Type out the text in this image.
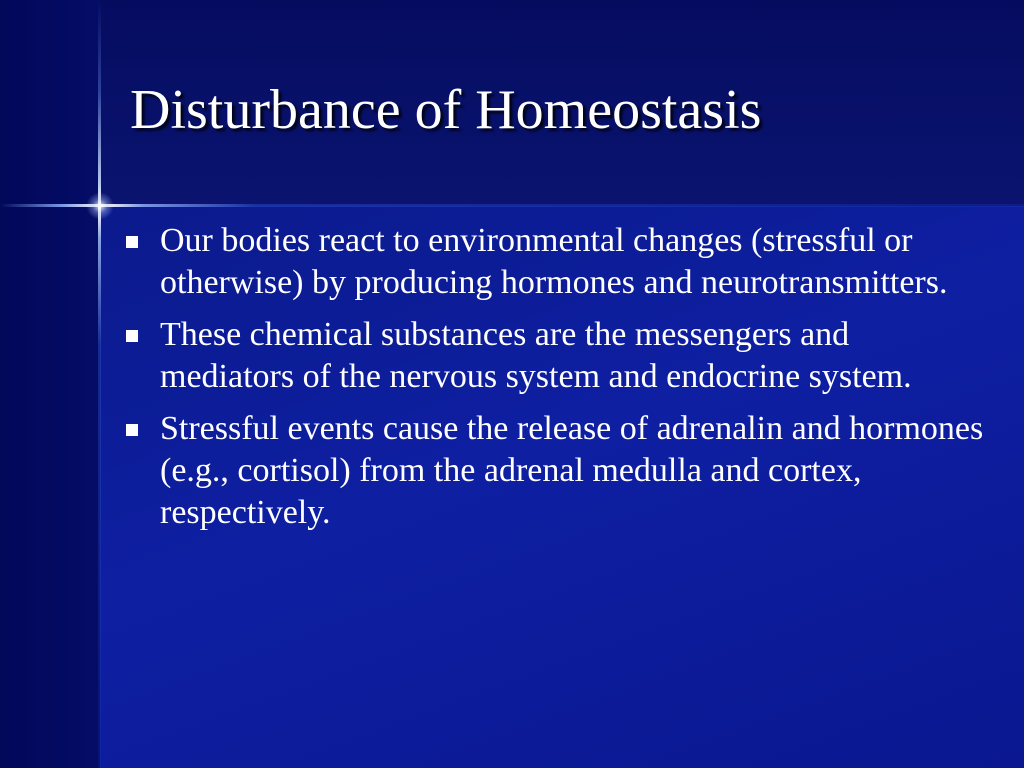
Disturbance of Homeostasis
Our bodies react to environmental changes (stressful or otherwise) by producing hormones and neurotransmitters.
These chemical substances are the messengers and mediators of the nervous system and endocrine system.
Stressful events cause the release of adrenalin and hormones (e.g., cortisol) from the adrenal medulla and cortex, respectively.
